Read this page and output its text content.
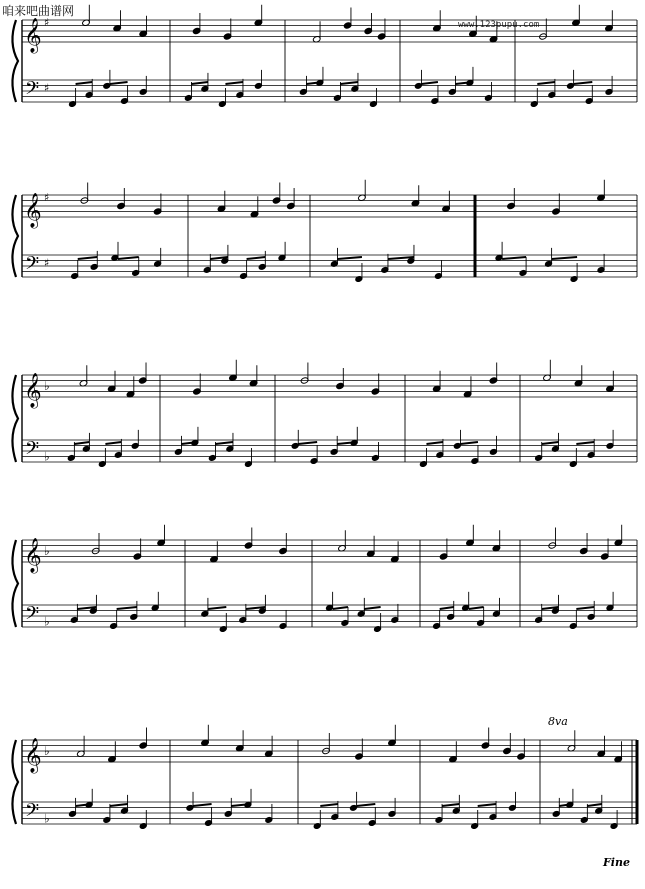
咱来吧曲谱网
www.123pupu.com
𝄞 ♯
𝄢 ♯
𝄞 ♯
𝄢 ♯
𝄞 ♭
𝄢 ♭
𝄞 ♭
𝄢 ♭
𝄞 ♭
𝄢 ♭
8va
Fine
